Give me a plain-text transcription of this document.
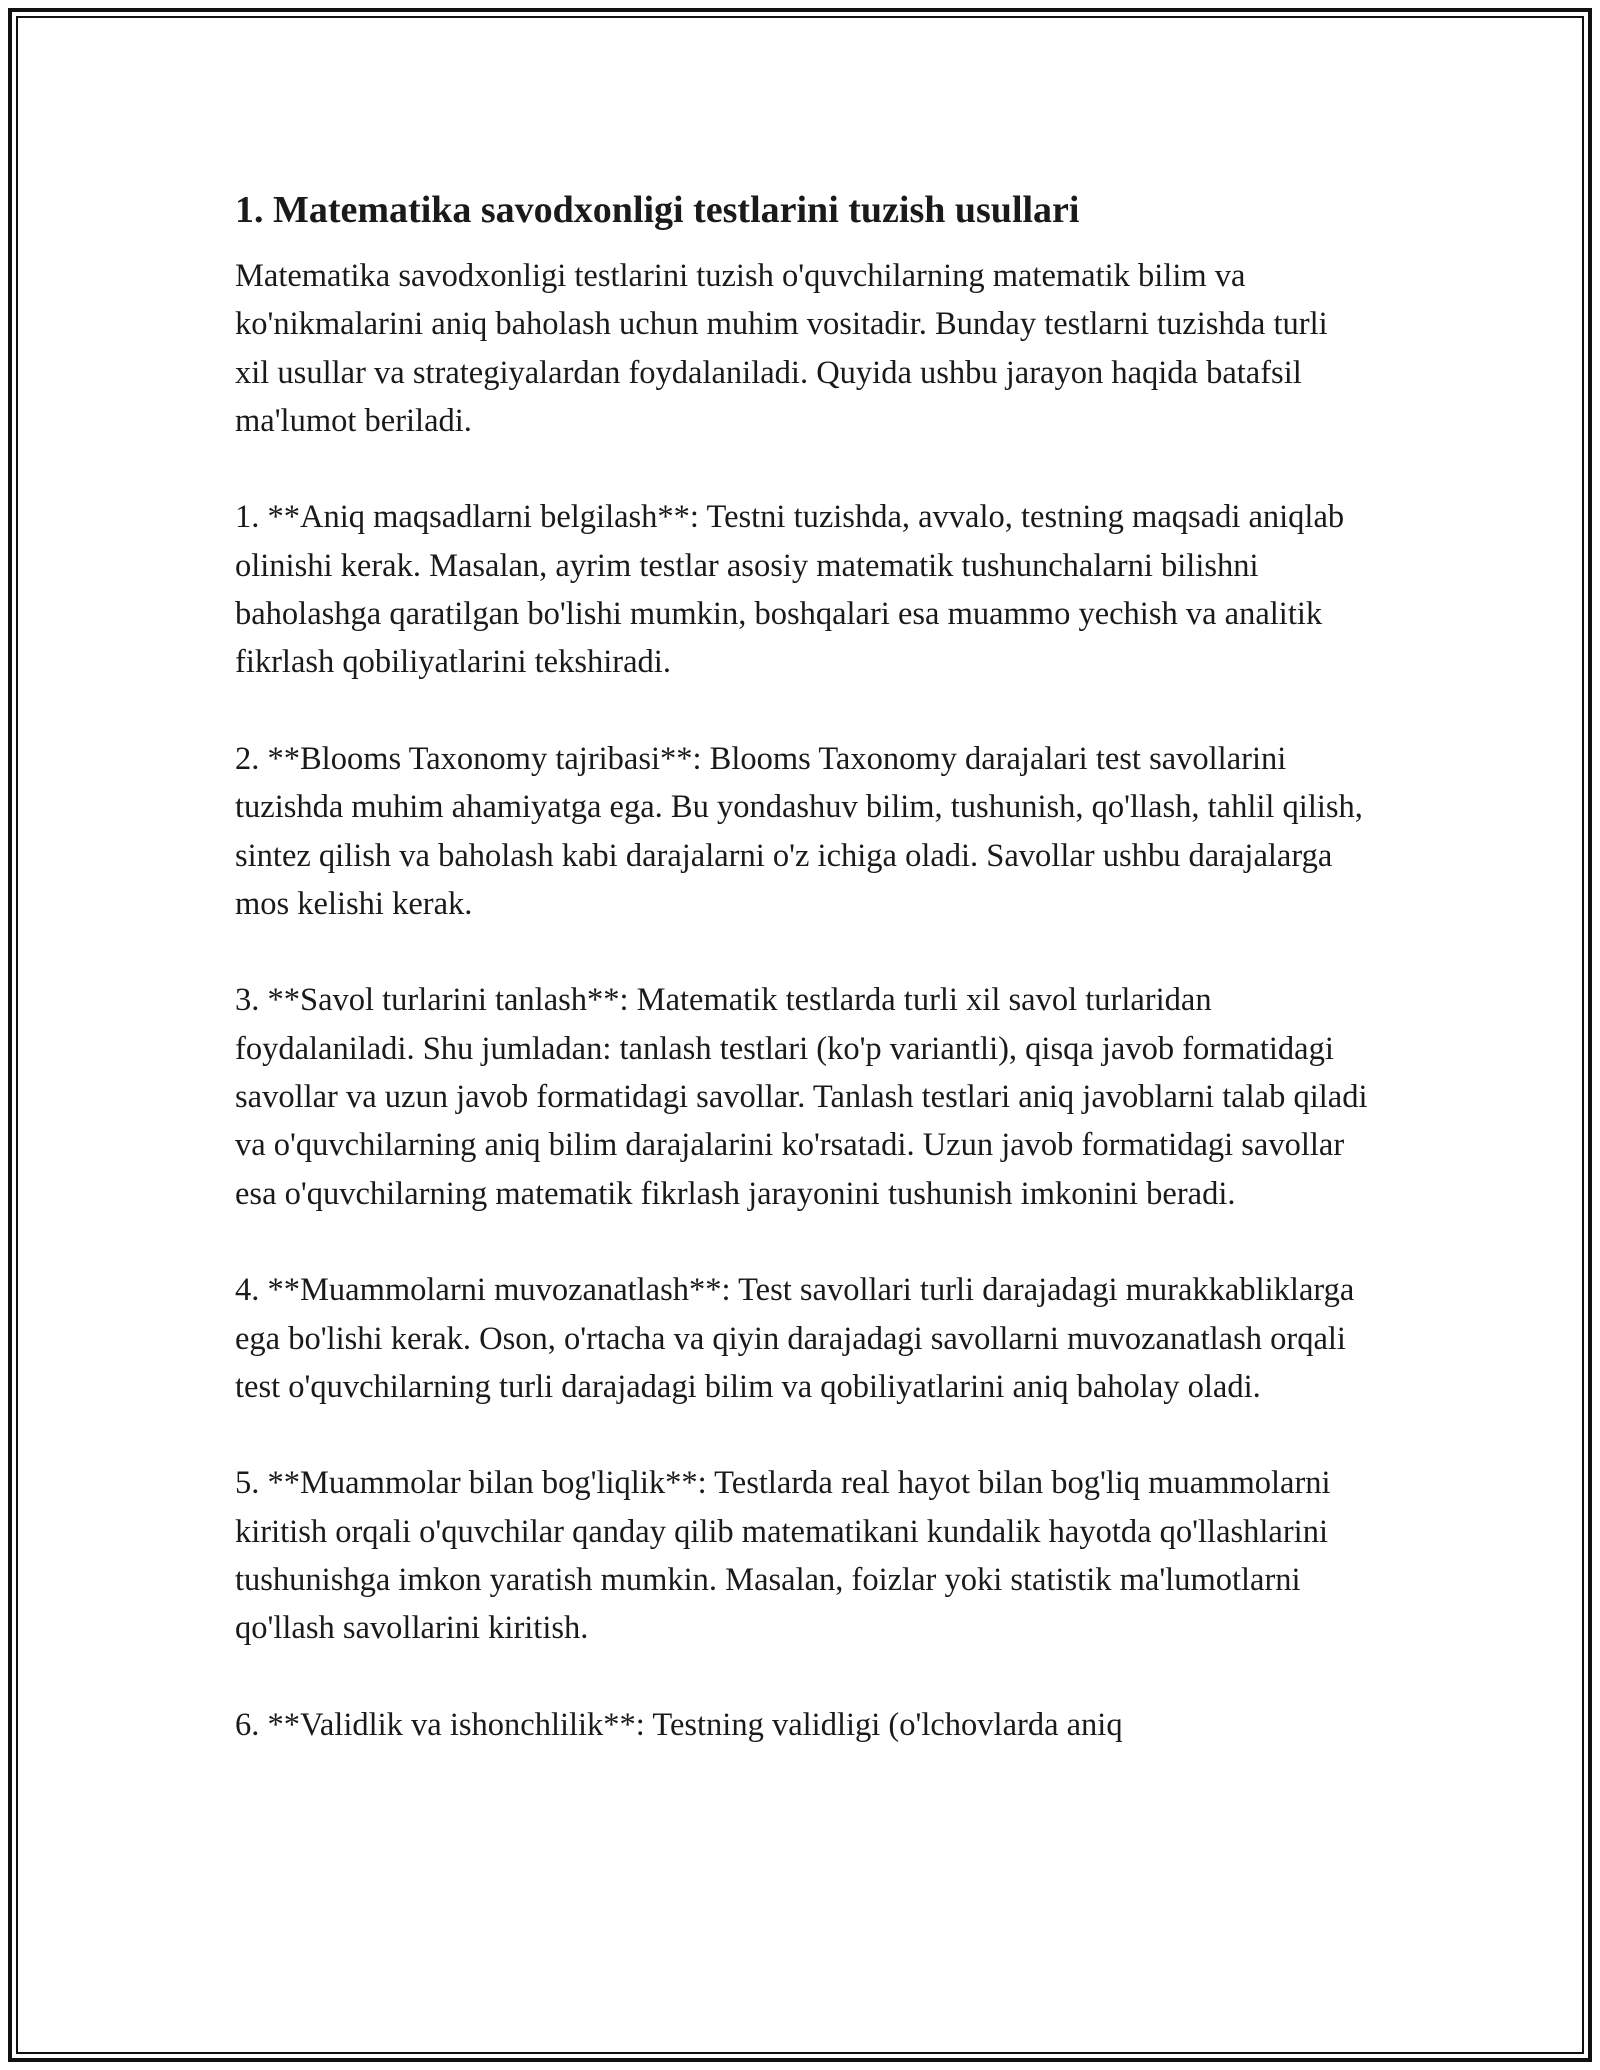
1. Matematika savodxonligi testlarini tuzish usullari

Matematika savodxonligi testlarini tuzish o'quvchilarning matematik bilim va ko'nikmalarini aniq baholash uchun muhim vositadir. Bunday testlarni tuzishda turli xil usullar va strategiyalardan foydalaniladi. Quyida ushbu jarayon haqida batafsil ma'lumot beriladi.

1. **Aniq maqsadlarni belgilash**: Testni tuzishda, avvalo, testning maqsadi aniqlab olinishi kerak. Masalan, ayrim testlar asosiy matematik tushunchalarni bilishni baholashga qaratilgan bo'lishi mumkin, boshqalari esa muammo yechish va analitik fikrlash qobiliyatlarini tekshiradi.

2. **Blooms Taxonomy tajribasi**: Blooms Taxonomy darajalari test savollarini tuzishda muhim ahamiyatga ega. Bu yondashuv bilim, tushunish, qo'llash, tahlil qilish, sintez qilish va baholash kabi darajalarni o'z ichiga oladi. Savollar ushbu darajalarga mos kelishi kerak.

3. **Savol turlarini tanlash**: Matematik testlarda turli xil savol turlaridan foydalaniladi. Shu jumladan: tanlash testlari (ko'p variantli), qisqa javob formatidagi savollar va uzun javob formatidagi savollar. Tanlash testlari aniq javoblarni talab qiladi va o'quvchilarning aniq bilim darajalarini ko'rsatadi. Uzun javob formatidagi savollar esa o'quvchilarning matematik fikrlash jarayonini tushunish imkonini beradi.

4. **Muammolarni muvozanatlash**: Test savollari turli darajadagi murakkabliklarga ega bo'lishi kerak. Oson, o'rtacha va qiyin darajadagi savollarni muvozanatlash orqali test o'quvchilarning turli darajadagi bilim va qobiliyatlarini aniq baholay oladi.

5. **Muammolar bilan bog'liqlik**: Testlarda real hayot bilan bog'liq muammolarni kiritish orqali o'quvchilar qanday qilib matematikani kundalik hayotda qo'llashlarini tushunishga imkon yaratish mumkin. Masalan, foizlar yoki statistik ma'lumotlarni qo'llash savollarini kiritish.

6. **Validlik va ishonchlilik**: Testning validligi (o'lchovlarda aniq
